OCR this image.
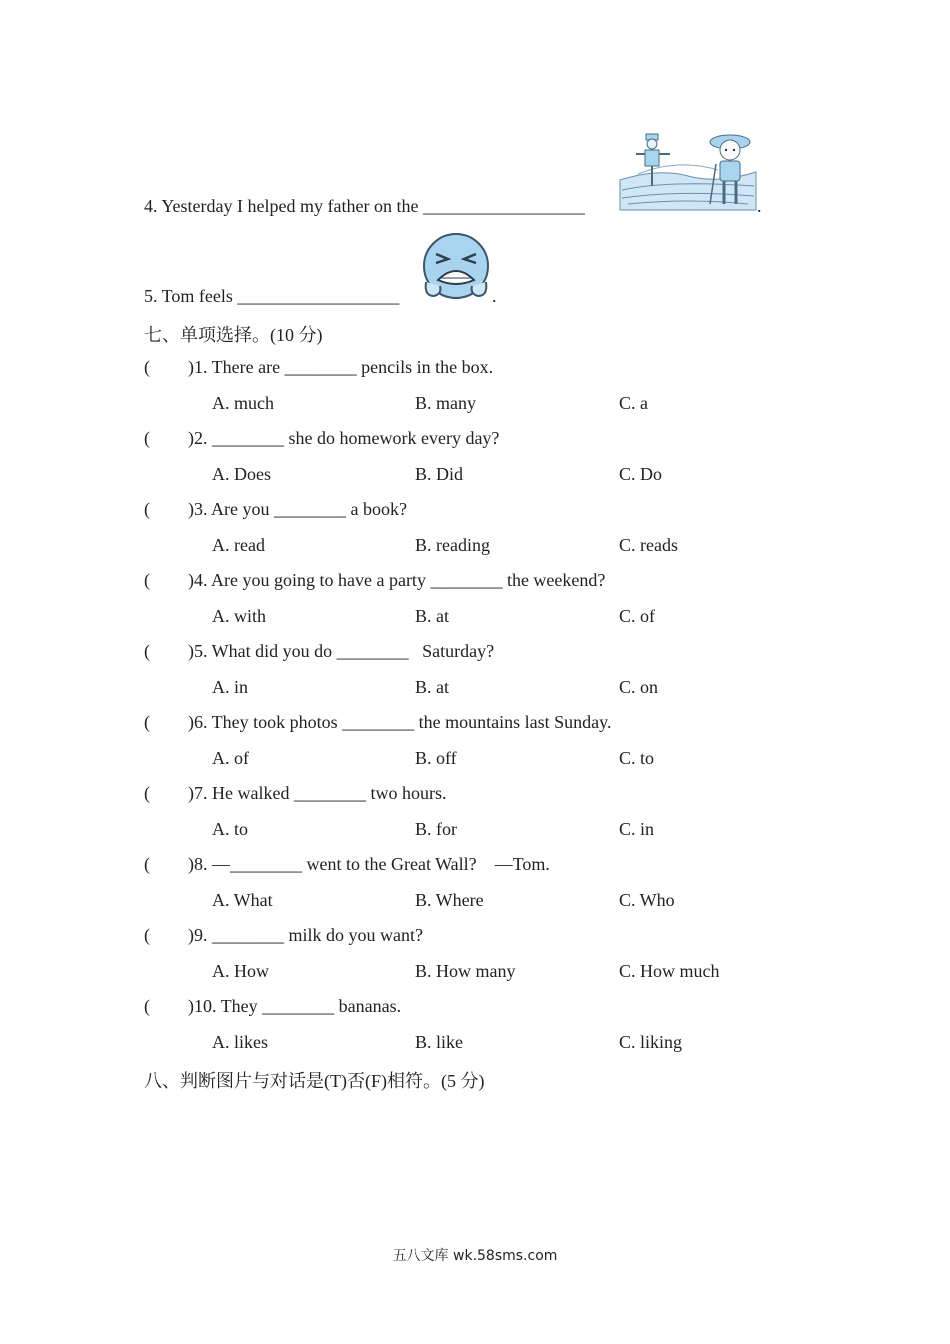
4. Yesterday I helped my father on the __________________	.
5. Tom feels __________________	.
七、单项选择。(10 分)
( )1. There are ________ pencils in the box.
A. much	B. many	C. a
( )2. ________ she do homework every day?
A. Does	B. Did	C. Do
( )3. Are you ________ a book?
A. read	B. reading	C. reads
( )4. Are you going to have a party ________ the weekend?
A. with	B. at	C. of
( )5. What did you do ________   Saturday?
A. in	B. at	C. on
( )6. They took photos ________ the mountains last Sunday.
A. of	B. off	C. to
( )7. He walked ________ two hours.
A. to	B. for	C. in
( )8. —________ went to the Great Wall?    —Tom.
A. What	B. Where	C. Who
( )9. ________ milk do you want?
A. How	B. How many	C. How much
( )10. They ________ bananas.
A. likes	B. like	C. liking
八、判断图片与对话是(T)否(F)相符。(5 分)
五八文库 wk.58sms.com
